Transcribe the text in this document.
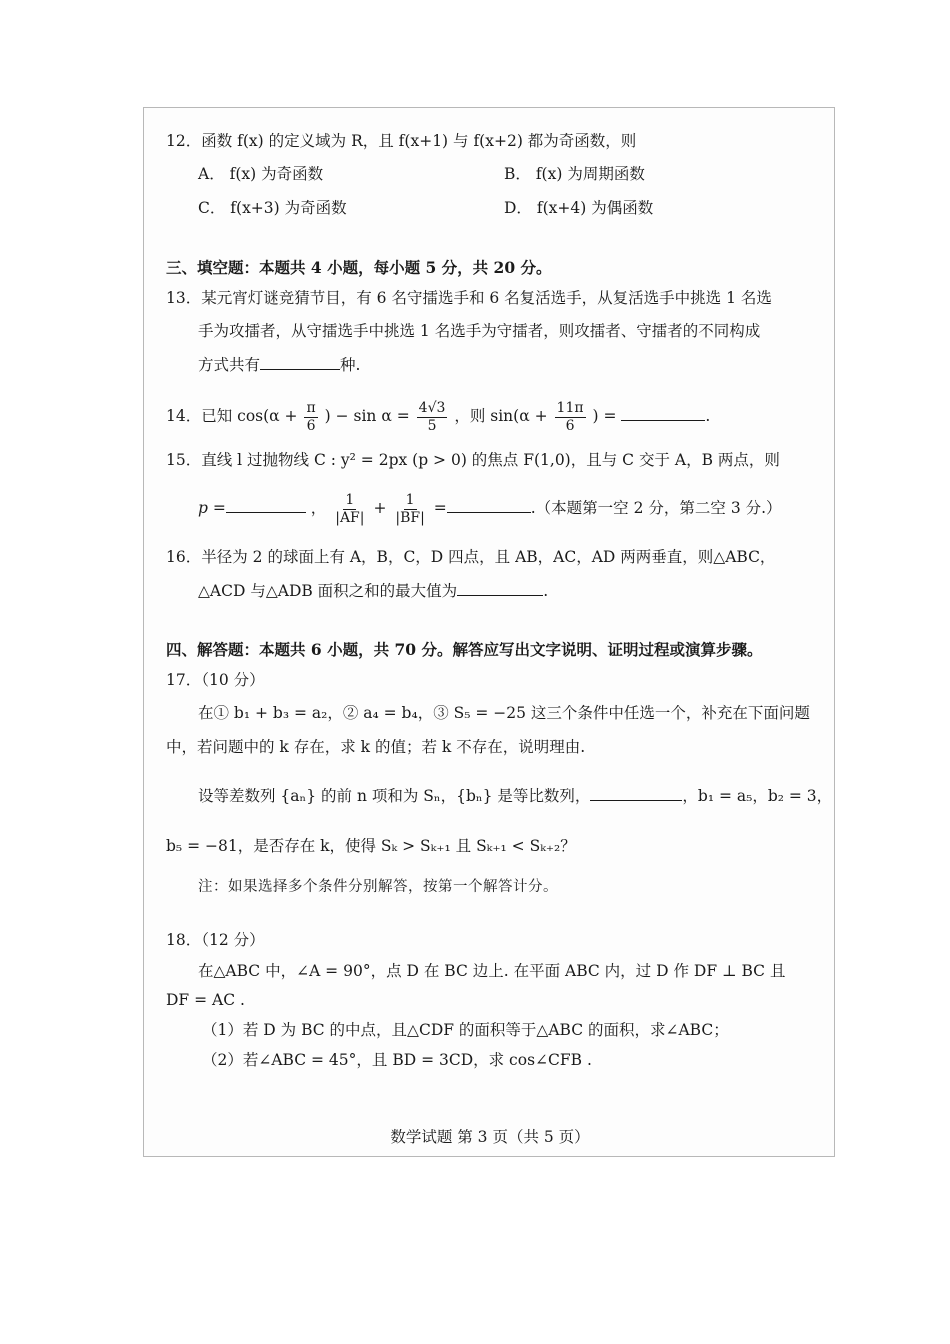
12．函数 f(x) 的定义域为 R，且 f(x+1) 与 f(x+2) 都为奇函数，则
A． f(x) 为奇函数	B． f(x) 为周期函数
C． f(x+3) 为奇函数	D． f(x+4) 为偶函数
三、填空题：本题共 4 小题，每小题 5 分，共 20 分。
13．某元宵灯谜竞猜节目，有 6 名守擂选手和 6 名复活选手，从复活选手中挑选 1 名选
手为攻擂者，从守擂选手中挑选 1 名选手为守擂者，则攻擂者、守擂者的不同构成
方式共有	种.
14．已知 $\cos(\alpha + \frac{\pi}{6}$ ) − $\sin \alpha = \frac{4√3}{5}$ ，则 $\sin(\alpha + \frac{11\pi}{6}$ ) =	.
15．直线 l 过抛物线 C : y² = 2px (p > 0) 的焦点 F(1,0)，且与 C 交于 A，B 两点，则
p =	， $\frac{1}{|AF|} + \frac{1}{|BF|}$ =	.（本题第一空 2 分，第二空 3 分.）
16．半径为 2 的球面上有 A，B，C，D 四点，且 AB，AC，AD 两两垂直，则△ABC，
△ACD 与△ADB 面积之和的最大值为	.
四、解答题：本题共 6 小题，共 70 分。解答应写出文字说明、证明过程或演算步骤。
17．（10 分）
在① b₁ + b₃ = a₂，② a₄ = b₄，③ S₅ = −25 这三个条件中任选一个，补充在下面问题
中，若问题中的 k 存在，求 k 的值；若 k 不存在，说明理由.
设等差数列 {aₙ} 的前 n 项和为 Sₙ，{bₙ} 是等比数列，	，b₁ = a₅，b₂ = 3，
b₅ = −81，是否存在 k，使得 Sₖ > Sₖ₊₁ 且 Sₖ₊₁ < Sₖ₊₂？
注：如果选择多个条件分别解答，按第一个解答计分。
18．（12 分）
在△ABC 中，∠A = 90°，点 D 在 BC 边上. 在平面 ABC 内，过 D 作 DF ⊥ BC 且
DF = AC .
（1）若 D 为 BC 的中点，且△CDF 的面积等于△ABC 的面积，求∠ABC；
（2）若∠ABC = 45°，且 BD = 3CD，求 cos∠CFB .
数学试题 第 3 页（共 5 页）
